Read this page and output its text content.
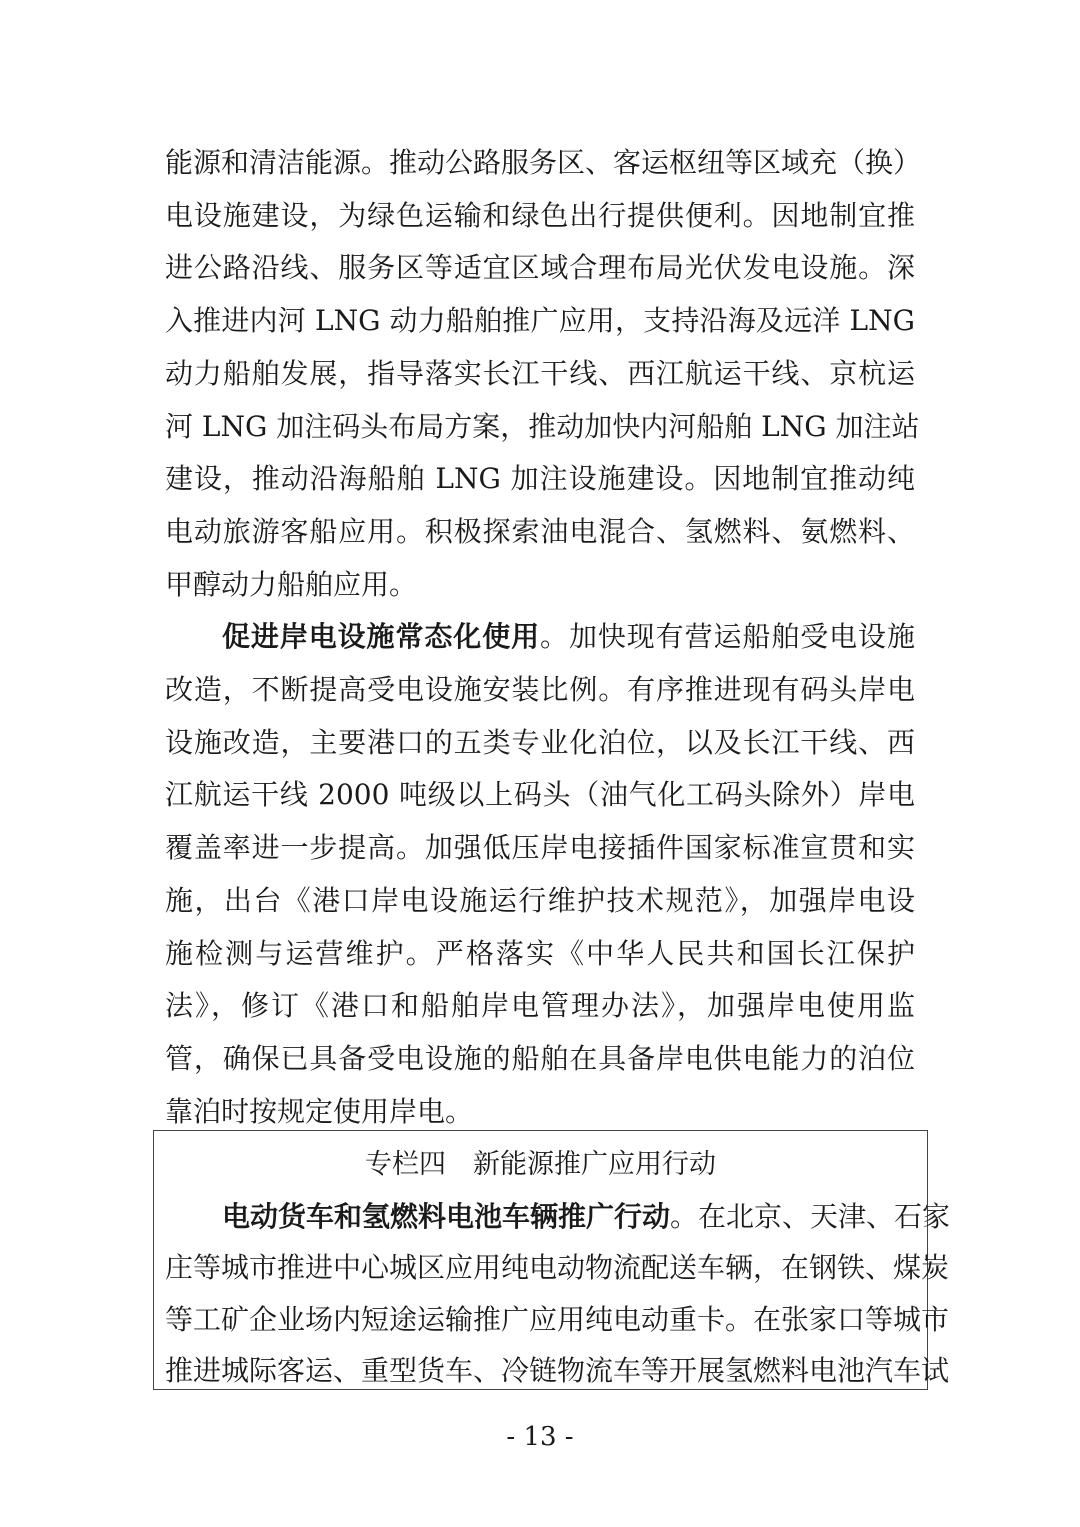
能源和清洁能源。推动公路服务区、客运枢纽等区域充（换）
电设施建设，为绿色运输和绿色出行提供便利。因地制宜推
进公路沿线、服务区等适宜区域合理布局光伏发电设施。深
入推进内河 LNG 动力船舶推广应用，支持沿海及远洋 LNG
动力船舶发展，指导落实长江干线、西江航运干线、京杭运
河 LNG 加注码头布局方案，推动加快内河船舶 LNG 加注站
建设，推动沿海船舶 LNG 加注设施建设。因地制宜推动纯
电动旅游客船应用。积极探索油电混合、氢燃料、氨燃料、
甲醇动力船舶应用。
促进岸电设施常态化使用。加快现有营运船舶受电设施
改造，不断提高受电设施安装比例。有序推进现有码头岸电
设施改造，主要港口的五类专业化泊位，以及长江干线、西
江航运干线 2000 吨级以上码头（油气化工码头除外）岸电
覆盖率进一步提高。加强低压岸电接插件国家标准宣贯和实
施，出台《港口岸电设施运行维护技术规范》，加强岸电设
施检测与运营维护。严格落实《中华人民共和国长江保护
法》，修订《港口和船舶岸电管理办法》，加强岸电使用监
管，确保已具备受电设施的船舶在具备岸电供电能力的泊位
靠泊时按规定使用岸电。
专栏四　新能源推广应用行动
电动货车和氢燃料电池车辆推广行动。在北京、天津、石家
庄等城市推进中心城区应用纯电动物流配送车辆，在钢铁、煤炭
等工矿企业场内短途运输推广应用纯电动重卡。在张家口等城市
推进城际客运、重型货车、冷链物流车等开展氢燃料电池汽车试
- 13 -
